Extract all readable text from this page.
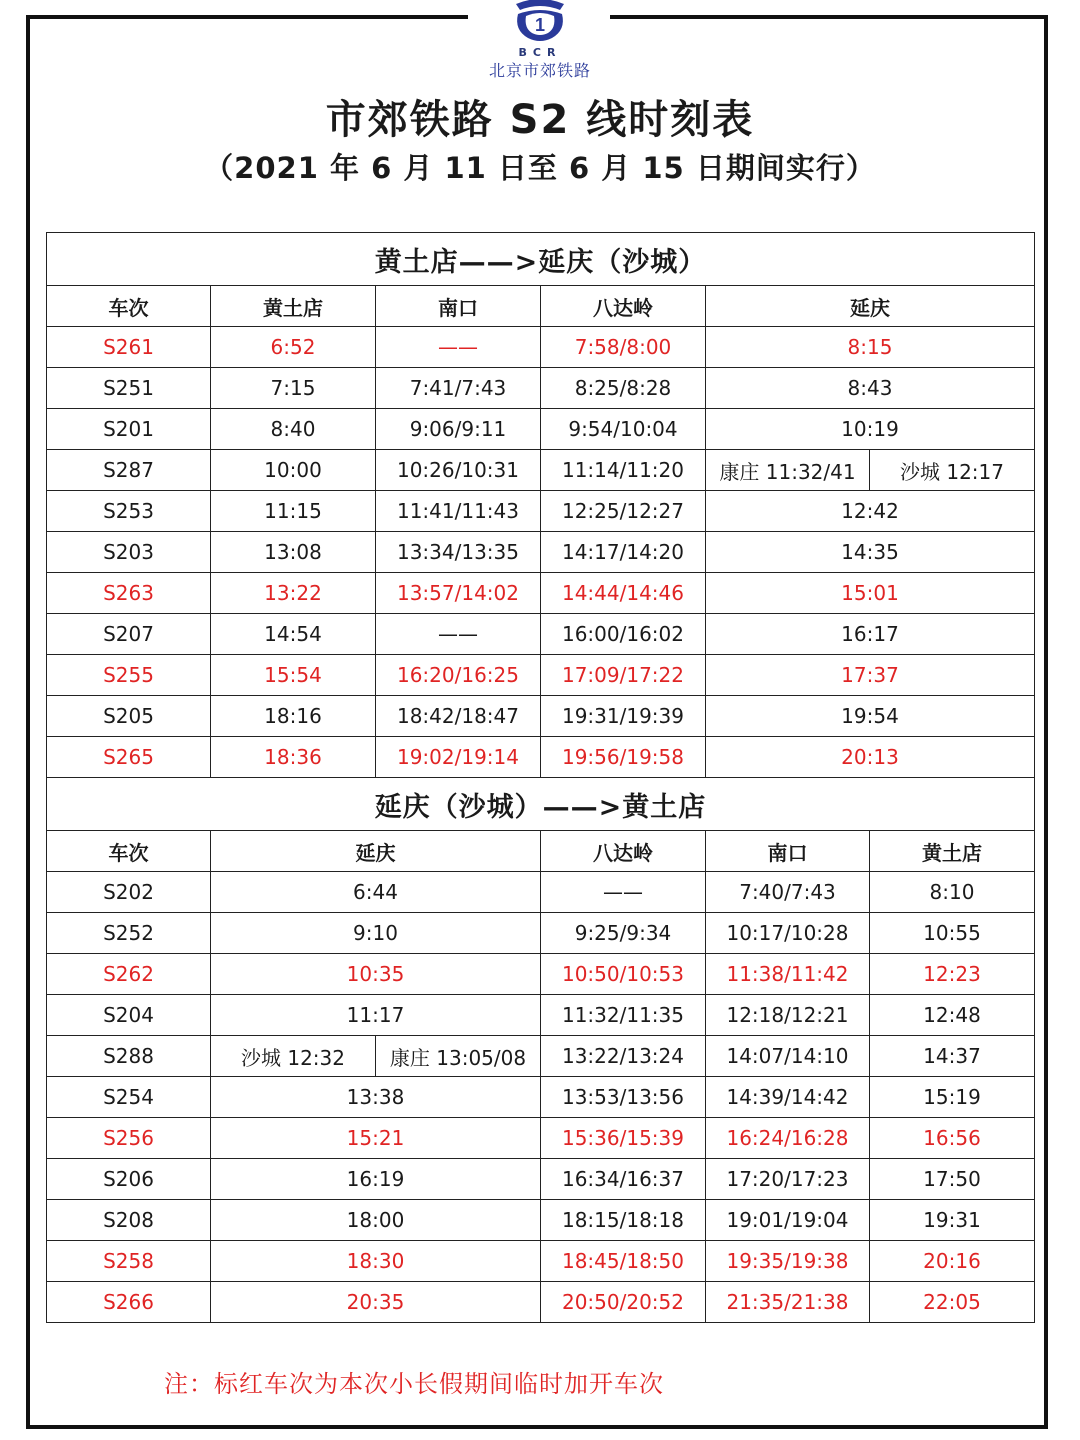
1
BCR
北京市郊铁路
市郊铁路 S2 线时刻表
（2021 年 6 月 11 日至 6 月 15 日期间实行）
黄土店——>延庆（沙城）					
车次	黄土店	南口	八达岭	延庆	
S261	6:52	——	7:58/8:00	8:15	
S251	7:15	7:41/7:43	8:25/8:28	8:43	
S201	8:40	9:06/9:11	9:54/10:04	10:19	
S287	10:00	10:26/10:31	11:14/11:20	康庄 11:32/41	沙城 12:17
S253	11:15	11:41/11:43	12:25/12:27	12:42	
S203	13:08	13:34/13:35	14:17/14:20	14:35	
S263	13:22	13:57/14:02	14:44/14:46	15:01	
S207	14:54	——	16:00/16:02	16:17	
S255	15:54	16:20/16:25	17:09/17:22	17:37	
S205	18:16	18:42/18:47	19:31/19:39	19:54	
S265	18:36	19:02/19:14	19:56/19:58	20:13	
延庆（沙城）——>黄土店					
车次	延庆		八达岭	南口	黄土店
S202	6:44		——	7:40/7:43	8:10
S252	9:10		9:25/9:34	10:17/10:28	10:55
S262	10:35		10:50/10:53	11:38/11:42	12:23
S204	11:17		11:32/11:35	12:18/12:21	12:48
S288	沙城 12:32	康庄 13:05/08	13:22/13:24	14:07/14:10	14:37
S254	13:38		13:53/13:56	14:39/14:42	15:19
S256	15:21		15:36/15:39	16:24/16:28	16:56
S206	16:19		16:34/16:37	17:20/17:23	17:50
S208	18:00		18:15/18:18	19:01/19:04	19:31
S258	18:30		18:45/18:50	19:35/19:38	20:16
S266	20:35		20:50/20:52	21:35/21:38	22:05
注：标红车次为本次小长假期间临时加开车次
